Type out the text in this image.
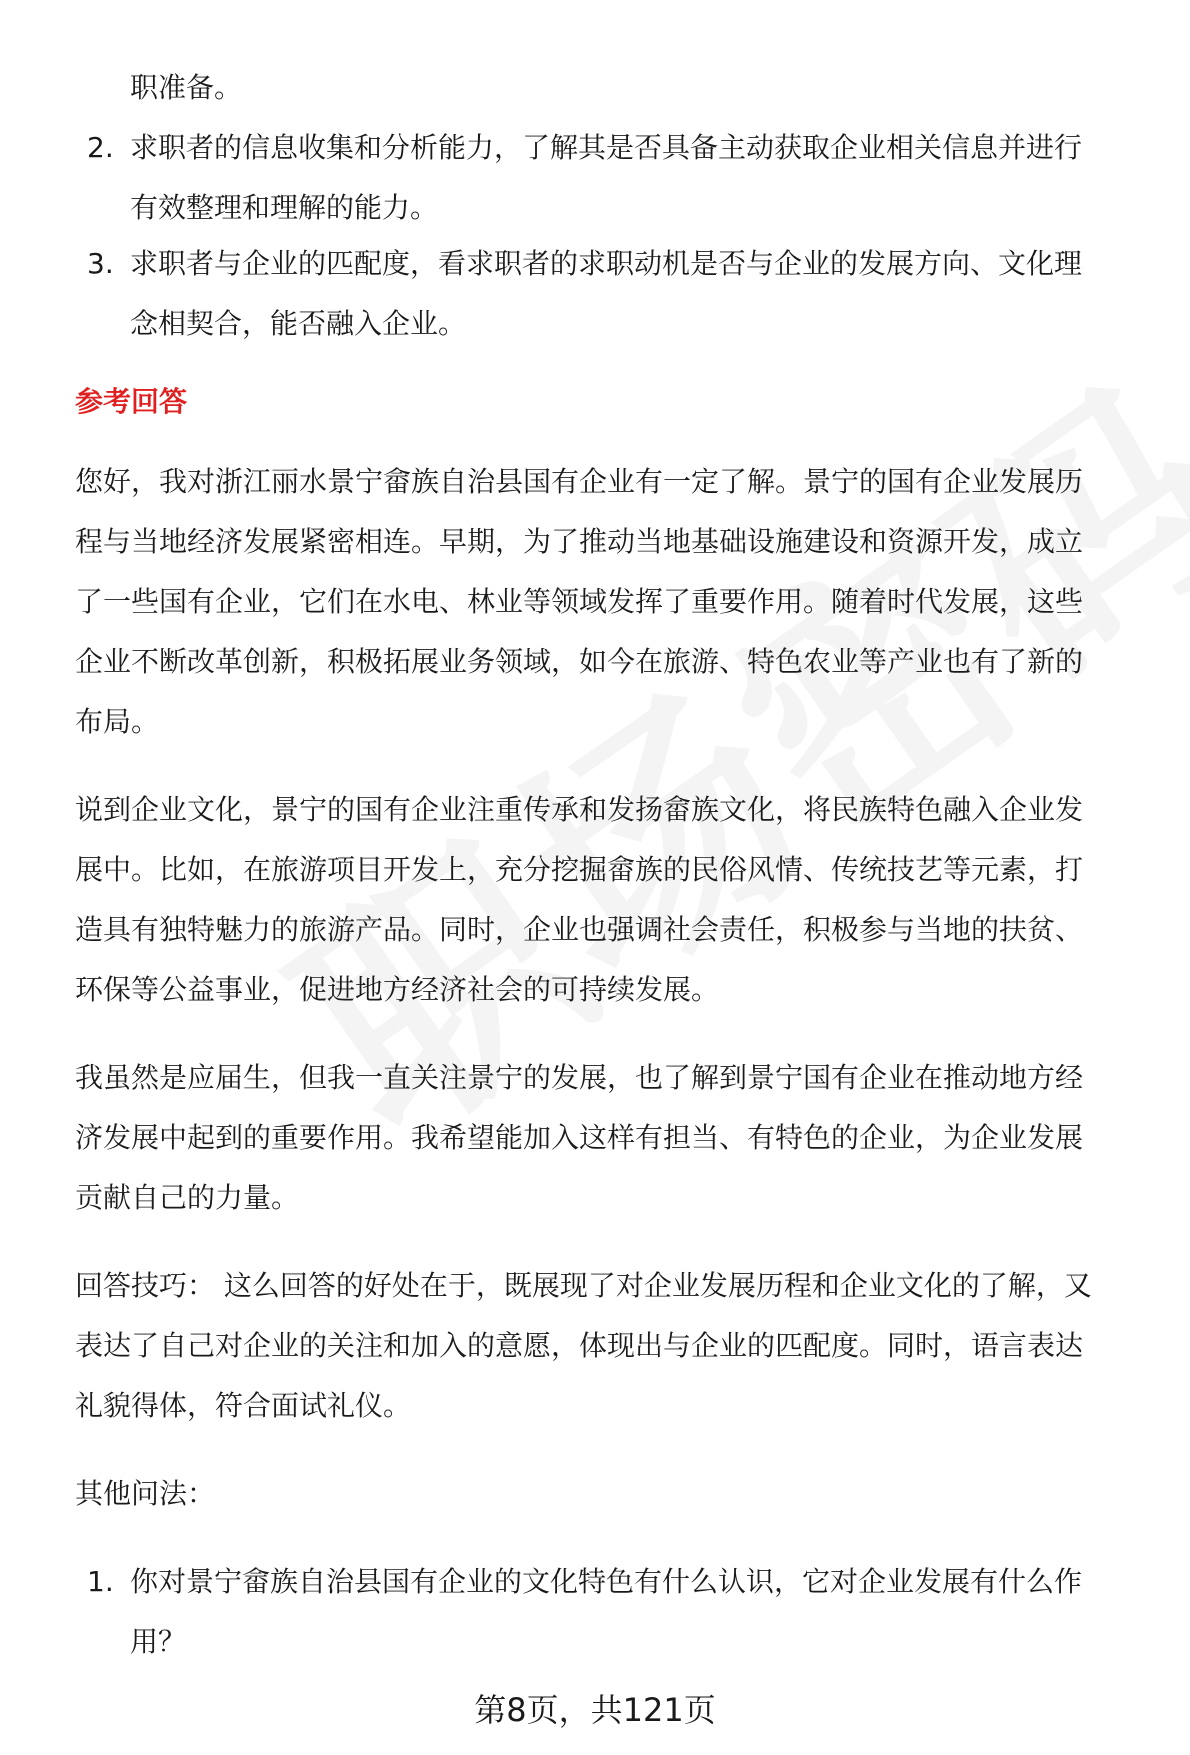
职准备。
2. 求职者的信息收集和分析能力，了解其是否具备主动获取企业相关信息并进行
有效整理和理解的能力。
3. 求职者与企业的匹配度，看求职者的求职动机是否与企业的发展方向、文化理
念相契合，能否融入企业。
参考回答
您好，我对浙江丽水景宁畲族自治县国有企业有一定了解。景宁的国有企业发展历
程与当地经济发展紧密相连。早期，为了推动当地基础设施建设和资源开发，成立
了一些国有企业，它们在水电、林业等领域发挥了重要作用。随着时代发展，这些
企业不断改革创新，积极拓展业务领域，如今在旅游、特色农业等产业也有了新的
布局。
说到企业文化，景宁的国有企业注重传承和发扬畲族文化，将民族特色融入企业发
展中。比如，在旅游项目开发上，充分挖掘畲族的民俗风情、传统技艺等元素，打
造具有独特魅力的旅游产品。同时，企业也强调社会责任，积极参与当地的扶贫、
环保等公益事业，促进地方经济社会的可持续发展。
我虽然是应届生，但我一直关注景宁的发展，也了解到景宁国有企业在推动地方经
济发展中起到的重要作用。我希望能加入这样有担当、有特色的企业，为企业发展
贡献自己的力量。
回答技巧： 这么回答的好处在于，既展现了对企业发展历程和企业文化的了解，又
表达了自己对企业的关注和加入的意愿，体现出与企业的匹配度。同时，语言表达
礼貌得体，符合面试礼仪。
其他问法：
1. 你对景宁畲族自治县国有企业的文化特色有什么认识，它对企业发展有什么作
用？
第8页，共121页
